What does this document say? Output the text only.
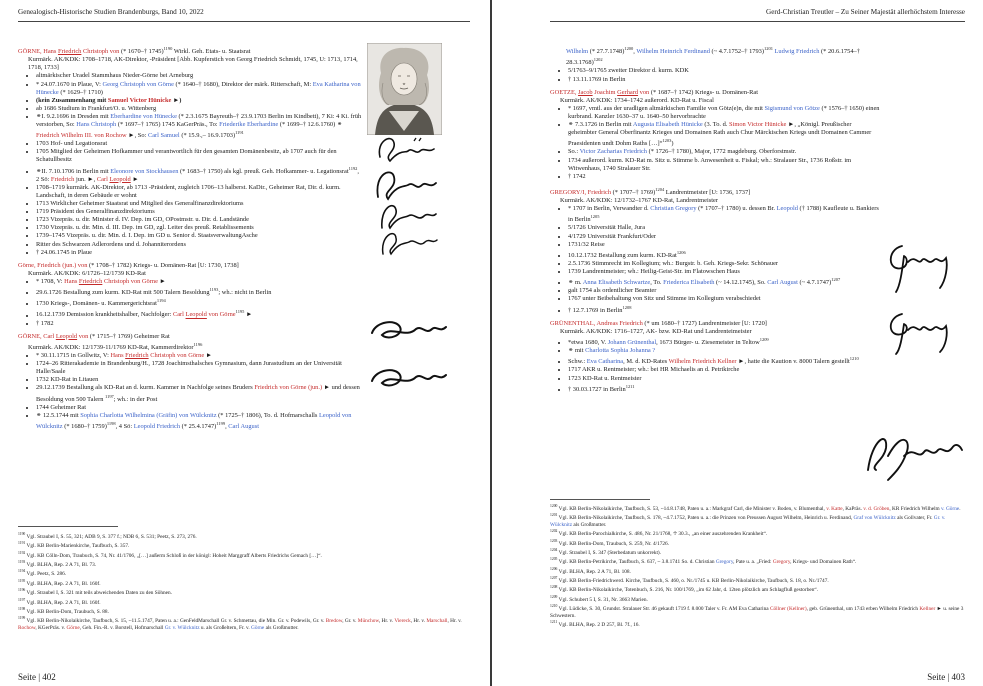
Genealogisch-Historische Studien Brandenburgs, Band 10, 2022

GÖRNE, Hans Friedrich Christoph von (* 1670–† 1745)$^{1190}$ Wirkl. Geh. Etats- u. Staatsrat

Kurmärk. AK/KDK: 1708–1718, AK-Direktor, -Präsident [Abb. Kupferstich von Georg Friedrich Schmidt, 1745, U: 1713, 1714, 1718, 1733]

• altmärkischer Uradel Stammhaus Nieder-Görne bei Arneburg
• * 24.07.1670 in Plaue, V: Georg Christoph von Görne (* 1640–† 1680), Direktor der märk. Ritterschaft, M: Eva Katharina von Hünecke (* 1629–† 1710)
• (kein Zusammenhang mit Samuel Victor Hünicke ►)
• ab 1686 Studium in Frankfurt/O. u. Wittenberg
• ⚭I. 9.2.1696 in Dresden mit Eberhardine von Hünecke (* 2.3.1675 Bayreuth–† 23.9.1703 Berlin im Kindbett), 7 Ki: 4 Ki. früh verstorben, So: Hans Christoph (* 1697–† 1765) 1745 KaGerPräs., To: Friederike Eberhardine (* 1699–† 12.6.1760) ⚭ Friedrich Wilhelm III. von Rochow ►, So: Carl Samuel (* 15.9.,– 16.9.1703)$^{1191}$
• 1703 Hof- und Legationsrat
• 1705 Mitglied der Geheimen Hofkammer und verantwortlich für den gesamten Domänenbesitz, ab 1707 auch für den Schatullbesitz
• ⚭II. 7.10.1706 in Berlin mit Eleonore von Stockhausen (* 1683–† 1750) als kgl. preuß. Geh. Hofkammer- u. Legationsrat$^{1192}$, 2 Sö: Friedrich jun. ►, Carl Leopold ►
• 1708–1719 kurmärk. AK-Direktor, ab 1713 -Präsident, zugleich 1706–13 halberst. KaDir., Geheimer Rat, Dir. d. kurm. Landschaft, in deren Gebäude er wohnt
• 1713 Wirklicher Geheimer Staatsrat und Mitglied des Generalfinanzdirektoriums
• 1719 Präsident des Generalfinanzdirektoriums
• 1723 Vizepräs. u. dir. Minister d. IV. Dep. im GD, OPostmstr. u. Dir. d. Landstände
• 1730 Vizepräs. u. dir. Min. d. III. Dep. im GD, zgl. Leiter des preuß. Retablissements
• 1739–1745 Vizepräs. u. dir. Min. d. I. Dep. im GD u. Senior d. StaatsverwaltungAsche
• Ritter des Schwarzen Adlerordens und d. Johanniterordens
• † 24.06.1745 in Plaue

Görne, Friedrich (jun.) von (* 1708–† 1782) Kriegs- u. Domänen-Rat [U: 1730, 1738]

Kurmärk. AK/KDK: 6/1726–12/1739 KD-Rat

• * 1708, V: Hans Friedrich Christoph von Görne ►
• 29.6.1726 Bestallung zum kurm. KD-Rat mit 500 Talern Besoldung$^{1193}$; wh.: nicht in Berlin
• 1730 Kriegs-, Domänen- u. Kammergerichtsrat$^{1194}$
• 16.12.1739 Demission krankheitshalber, Nachfolger: Carl Leopold von Görne$^{1195}$ ►
• † 1782

GÖRNE, Carl Leopold von (* 1715–† 1769) Geheimer Rat

Kurmärk. AK/KDK: 12/1739-11/1769 KD-Rat, Kammerdirektor$^{1196}$

• * 30.11.1715 in Gollwitz, V: Hans Friedrich Christoph von Görne ►
• 1724–26 Ritterakademie in Brandenburg/H., 1728 Joachimsthalsches Gymnasium, dann Jurastudium an der Universität Halle/Saale
• 1732 KD-Rat in Litauen
• 29.12.1739 Bestallung als KD-Rat an d. kurm. Kammer in Nachfolge seines Bruders Friedrich von Görne (jun.) ► und dessen Besoldung von 500 Talern $^{1197}$; wh.: in der Post
• 1744 Geheimer Rat
• ⚭ 12.5.1744 mit Sophia Charlotta Wilhelmina (Gräfin) von Wülcknitz (* 1725–† 1806), To. d. Hofmarschalls Leopold von Wülcknitz (* 1680–† 1759)$^{1198}$, 4 Sö: Leopold Friedrich (* 25.4.1747)$^{1199}$, Carl August

$^{1190}$ Vgl. Straubel I, S. 55, 321; ADB 9, S. 377 f.; NDB 6, S. 531; Peetz, S. 273, 276.

$^{1191}$ Vgl. KB Berlin-Marienkirche, Taufbuch, S. 357.

$^{1192}$ Vgl. KB Cölln-Dom, Traubuch, S. 74, Nr. 41/1706, „[…] außerm Schloß in der königl: Hoheit Marggraff Alberts Friedrichs Gemach […]“.

$^{1193}$ Vgl. BLHA, Rep. 2 A 71, Bl. 73.

$^{1194}$ Vgl. Peetz, S. 286.

$^{1195}$ Vgl. BLHA, Rep. 2 A 71, Bl. 160f.

$^{1196}$ Vgl. Straubel I, S. 321 mit teils abweichenden Daten zu den Söhnen.

$^{1197}$ Vgl. BLHA, Rep. 2 A 71, Bl. 160f.

$^{1198}$ Vgl. KB Berlin-Dom, Traubuch, S. 88.

$^{1199}$ Vgl. KB Berlin-Nikolaikirche, Taufbuch, S. 15, ~11.5.1747, Paten u. a.: GenFeldMarschall Gr. v. Schmettau, die Min. Gr. v. Podewils, Gr. v. Bredow, Gr. v. Münchow, Hr. v. Viereck, Hr. v. Marschall, Hr. v. Rochow, KGerPräs. v. Görne, Geh. Fin.-R. v. Borstell, Hofmarschall Gr. v. Wülcknitz u. als Großeltern, Fr. v. Görne als Großmutter.

Seite | 402
Gerd-Christian Treutler – Zu Seiner Majestät allerhöchstem Interesse

Wilhelm (* 27.7.1748)$^{1200}$, Wilhelm Heinrich Ferdinand (~ 4.7.1752–† 1793)$^{1201}$ Ludwig Friedrich (* 20.6.1754–† 28.3.1768)$^{1202}$

• 5/1763–9/1765 zweiter Direktor d. kurm. KDK
• † 13.11.1769 in Berlin

GOETZE, Jacob Joachim Gerhard von (* 1687–† 1742) Kriegs- u. Domänen-Rat

Kurmärk. AK/KDK: 1734–1742 außerord. KD-Rat u. Fiscal

• * 1697, vmtl. aus der uradligen altmärkischen Familie von Götz(e)n, die mit Sigismund von Götze (* 1576–† 1650) einen kurbrand. Kanzler 1630–37 u. 1640–50 hervorbrachte
• ⚭ 7.3.1726 in Berlin mit Augusta Elisabeth Hünicke (3. To. d. Simon Victor Hünicke ►, „Königl. Preußischer geheimbter General Oberfinantz Krieges und Domainen Rath auch Chur Märckischen Kriegs undt Domainen Cammer Praesidenten undt Dohm Raths […]“$^{1203}$)
• So.: Victor Zacharias Friedrich (* 1726–† 1780), Major, 1772 magdeburg. Oberforstmstr.
• 1734 außerord. kurm. KD-Rat m. Sitz u. Stimme b. Anwesenheit u. Fiskal; wh.: Stralauer Str., 1736 Roßstr. im Witwenhaus, 1740 Stralauer Str.
• † 1742

GREGORY/I, Friedrich (* 1707–† 1769)$^{1204}$ Landrentmeister [U: 1736, 1737]

Kurmärk. AK/KDK: 12/1732–1767 KD-Rat, Landrentmeister

• * 1707 in Berlin, Verwandter d. Christian Gregory (* 1707–† 1780) u. dessen Br. Leopold († 1788) Kaufleute u. Bankiers in Berlin$^{1205}$
• 5/1726 Universität Halle, Jura
• 4/1729 Universität Frankfurt/Oder
• 1731/32 Reise
• 10.12.1732 Bestallung zum kurm. KD-Rat$^{1206}$
• 2.5.1736 Stimmrecht im Kollegium; wh.: Burgstr. b. Geh. Kriegs-Sekr. Schönauer
• 1739 Landrentmeister; wh.: Heilig-Geist-Str. im Flatowschen Haus
• ⚭ m. Anna Elisabeth Schwartze, To. Friederica Elisabeth (~ 14.12.1745), So. Carl August (~ 4.7.1747)$^{1207}$
• galt 1754 als ordentlicher Beamter
• 1767 unter Beibehaltung von Sitz und Stimme im Kollegium verabschiedet
• † 12.7.1769 in Berlin$^{1208}$

GRÜNENTHAL, Andreas Friedrich (* um 1680–† 1727) Landrentmeister [U: 1720]

Kurmärk. AK/KDK: 1716–1727, AK- bzw. KD-Rat und Landrenteimeister

• *etwa 1680, V. Johann Grünenthal, 1673 Bürger- u. Ziesemeister in Teltow$^{1209}$
• ⚭ mit Charlotta Sophia Johanna ?
• Schw.: Eva Catharina, M. d. KD-Rates Wilhelm Friedrich Kellner ►, hatte die Kaution v. 8000 Talern gestellt$^{1210}$
• 1717 AKR u. Rentmeister; wh.: bei HR Michaelis an d. Petrikirche
• 1723 KD-Rat u. Rentmeister
• † 30.03.1727 in Berlin$^{1211}$

$^{1200}$ Vgl. KB Berlin-Nikolaikirche, Taufbuch, S. 53, ~14.8.1748, Paten u. a.: Markgraf Carl, die Minister v. Boden, v. Blumenthal, v. Katte, KaPräs. v. d. Gröben, KR Friedrich Wilhelm v. Görne.

$^{1201}$ Vgl. KB Berlin-Nikolaikirche, Taufbuch, S. 178, ~4.7.1752, Paten u. a.: die Prinzen von Preussen August Wilhelm, Heinrich u. Ferdinand, Graf von Wülcknitz als Gollvater, Fr. Gr. v. Wülcknitz als Großmutter.

$^{1202}$ Vgl. KB Berlin-Parochialkirche, S. 486, Nr. 21/1768, ♱ 30.3., „an einer auszehrenden Krankheit“.

$^{1203}$ Vgl. KB Berlin-Dom, Traubuch, S. 259, Nr. 4/1726.

$^{1204}$ Vgl. Straubel I, S. 347 (Sterbedatum unkorrekt).

$^{1205}$ Vgl. KB Berlin-Petrikirche, Taufbuch, S. 637, ~ 3.8.1741 So. d. Christian Gregory, Pate u. a. „Fried: Gregory, Kriegs- und Domainen Rath“.

$^{1206}$ Vgl. BLHA, Rep. 2 A 71, Bl. 108.

$^{1207}$ Vgl. KB Berlin-Friedrichwerd. Kirche, Taufbuch, S. 460, o. Nr./1745 u. KB Berlin-Nikolaikirche, Taufbuch, S. 18, o. Nr./1747.

$^{1208}$ Vgl. KB Berlin-Nikolaikirche, Totenbuch, S. 216, Nr. 100/1769, „im 62 Jahr, d. 12ten plötzlich am Schlagfluß gestorben“.

$^{1209}$ Vgl. Schubert 5 I, S. 31, Nr. 3663 Marien.

$^{1210}$ Vgl. Lüdicke, S. 30, Grundst. Stralauer Str. 46 gekauft 1719 f. 8.000 Taler v. Fr. AM Eva Catharina Cöllner (Kellner), geb. Grünenthal, um 1743 erben Wilhelm Friedrich Kellner ► u. seine 3 Schwestern.

$^{1211}$ Vgl. BLHA, Rep. 2 D 257, Bl. 7f., 16.

Seite | 403
